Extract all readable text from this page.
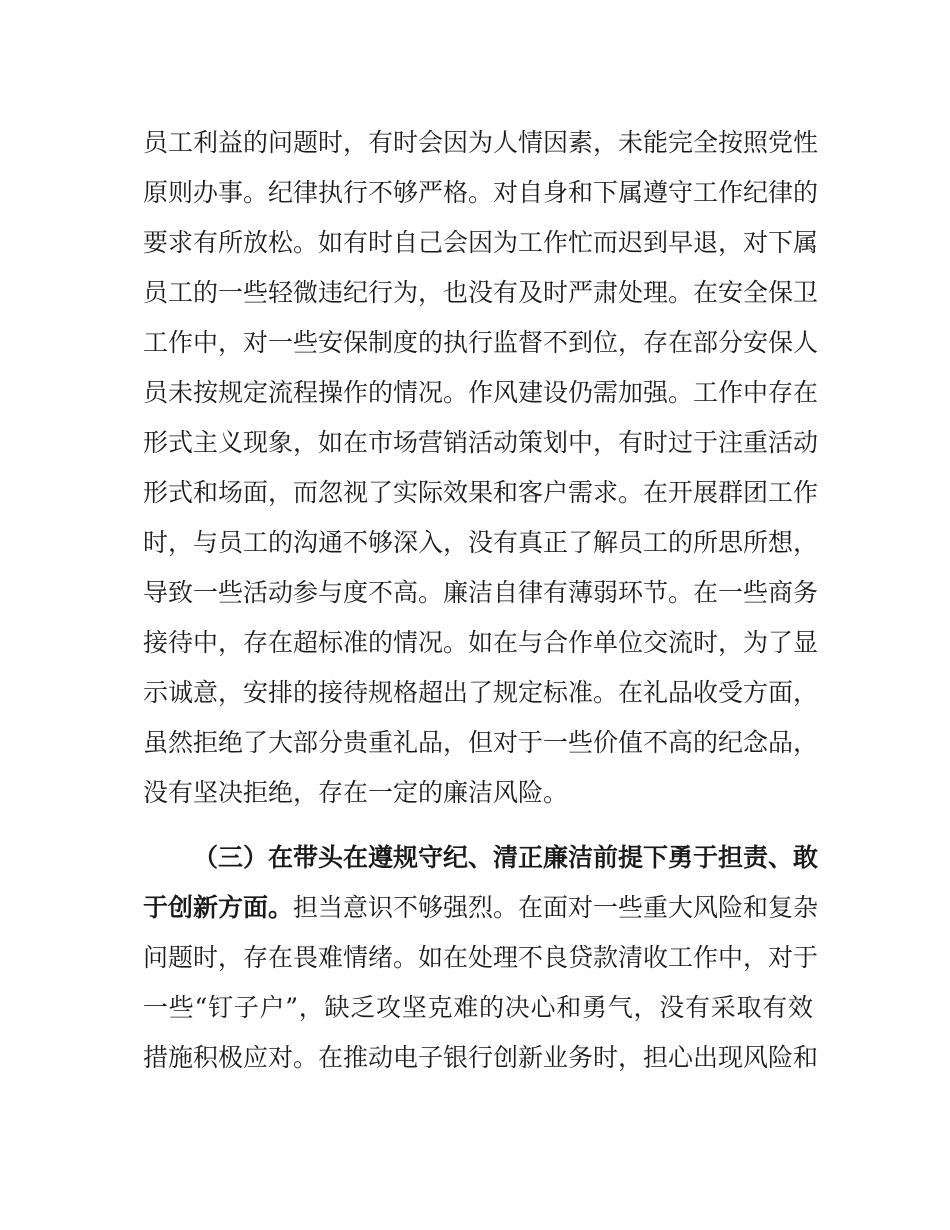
员工利益的问题时，有时会因为人情因素，未能完全按照党性
原则办事。纪律执行不够严格。对自身和下属遵守工作纪律的
要求有所放松。如有时自己会因为工作忙而迟到早退，对下属
员工的一些轻微违纪行为，也没有及时严肃处理。在安全保卫
工作中，对一些安保制度的执行监督不到位，存在部分安保人
员未按规定流程操作的情况。作风建设仍需加强。工作中存在
形式主义现象，如在市场营销活动策划中，有时过于注重活动
形式和场面，而忽视了实际效果和客户需求。在开展群团工作
时，与员工的沟通不够深入，没有真正了解员工的所思所想，
导致一些活动参与度不高。廉洁自律有薄弱环节。在一些商务
接待中，存在超标准的情况。如在与合作单位交流时，为了显
示诚意，安排的接待规格超出了规定标准。在礼品收受方面，
虽然拒绝了大部分贵重礼品，但对于一些价值不高的纪念品，
没有坚决拒绝，存在一定的廉洁风险。
（三）在带头在遵规守纪、清正廉洁前提下勇于担责、敢
于创新方面。担当意识不够强烈。在面对一些重大风险和复杂
问题时，存在畏难情绪。如在处理不良贷款清收工作中，对于
一些“钉子户”，缺乏攻坚克难的决心和勇气，没有采取有效
措施积极应对。在推动电子银行创新业务时，担心出现风险和
